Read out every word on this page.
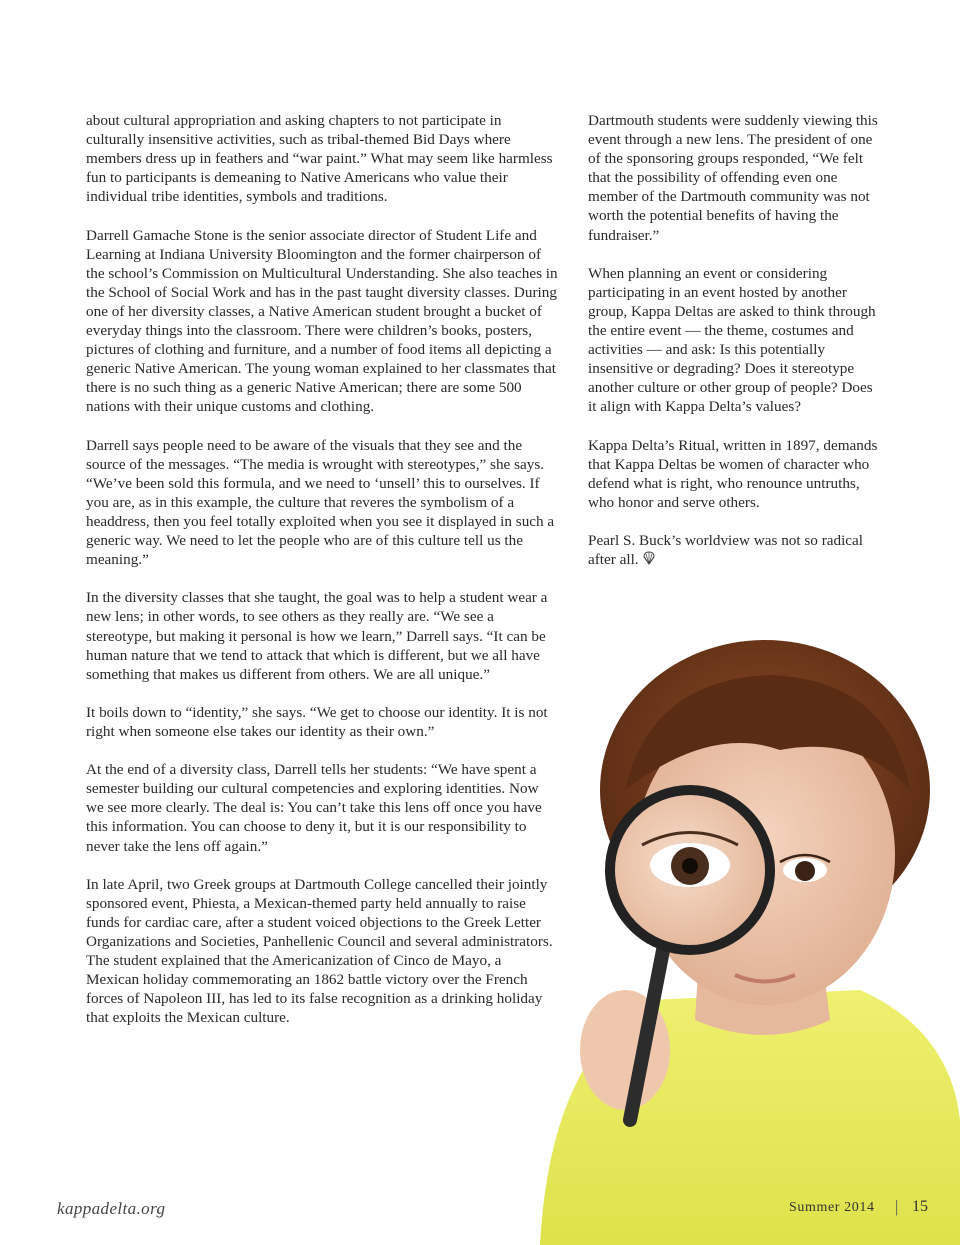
about cultural appropriation and asking chapters to not participate in culturally insensitive activities, such as tribal-themed Bid Days where members dress up in feathers and “war paint.” What may seem like harmless fun to participants is demeaning to Native Americans who value their individual tribe identities, symbols and traditions.

Darrell Gamache Stone is the senior associate director of Student Life and Learning at Indiana University Bloomington and the former chairperson of the school’s Commission on Multicultural Understanding. She also teaches in the School of Social Work and has in the past taught diversity classes. During one of her diversity classes, a Native American student brought a bucket of everyday things into the classroom. There were children’s books, posters, pictures of clothing and furniture, and a number of food items all depicting a generic Native American. The young woman explained to her classmates that there is no such thing as a generic Native American; there are some 500 nations with their unique customs and clothing.

Darrell says people need to be aware of the visuals that they see and the source of the messages. “The media is wrought with stereotypes,” she says. “We’ve been sold this formula, and we need to ‘unsell’ this to ourselves. If you are, as in this example, the culture that reveres the symbolism of a headdress, then you feel totally exploited when you see it displayed in such a generic way. We need to let the people who are of this culture tell us the meaning.”

In the diversity classes that she taught, the goal was to help a student wear a new lens; in other words, to see others as they really are. “We see a stereotype, but making it personal is how we learn,” Darrell says. “It can be human nature that we tend to attack that which is different, but we all have something that makes us different from others. We are all unique.”

It boils down to “identity,” she says. “We get to choose our identity. It is not right when someone else takes our identity as their own.”

At the end of a diversity class, Darrell tells her students: “We have spent a semester building our cultural competencies and exploring identities. Now we see more clearly. The deal is: You can’t take this lens off once you have this information. You can choose to deny it, but it is our responsibility to never take the lens off again.”

In late April, two Greek groups at Dartmouth College cancelled their jointly sponsored event, Phiesta, a Mexican-themed party held annually to raise funds for cardiac care, after a student voiced objections to the Greek Letter Organizations and Societies, Panhellenic Council and several administrators. The student explained that the Americanization of Cinco de Mayo, a Mexican holiday commemorating an 1862 battle victory over the French forces of Napoleon III, has led to its false recognition as a drinking holiday that exploits the Mexican culture.

Dartmouth students were suddenly viewing this event through a new lens. The president of one of the sponsoring groups responded, “We felt that the possibility of offending even one member of the Dartmouth community was not worth the potential benefits of having the fundraiser.”

When planning an event or considering participating in an event hosted by another group, Kappa Deltas are asked to think through the entire event — the theme, costumes and activities — and ask: Is this potentially insensitive or degrading? Does it stereotype another culture or other group of people? Does it align with Kappa Delta’s values?

Kappa Delta’s Ritual, written in 1897, demands that Kappa Deltas be women of character who defend what is right, who renounce untruths, who honor and serve others.

Pearl S. Buck’s worldview was not so radical after all.

kappadelta.org	Summer 2014 | 15
